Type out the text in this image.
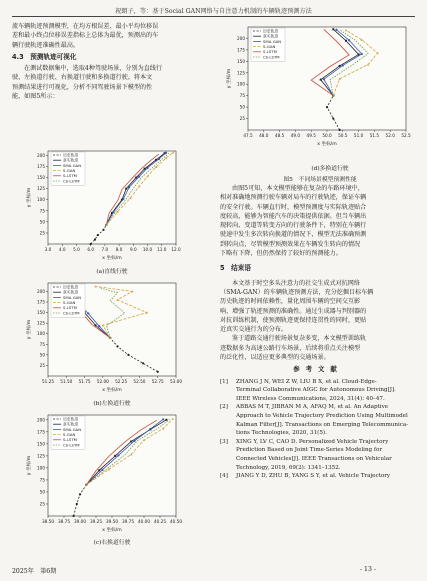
祝朗子，等：基于Social GAN网络与自注意力机制的车辆轨迹预测方法
流车辆轨迹预测模型，在均方根误差、最小平均位移误
差和最小终点位移误差指标上总体为最优，预测出的车
辆行驶轨迹准确性最高。
4.3　预测轨迹可视化
在测试数据集中，选取4种驾驶场景，分别为直线行
驶、左换道行驶、右换道行驶和多换道行驶。将本文
预测结果进行可视化，分析不同驾驶场景下模型的性
能，如图5所示：
3.0 4.0 5.0 6.0 7.0 8.0 9.0 10.0 11.0 12.0
25
50
75
100
125
150
175
200
x 坐标/m
y 坐标/m
历史轨迹
真实轨迹
SMA-GAN
S-GAN
S-LSTM
CS-LSTM
(a)直线行驶
51.25 51.50 51.75 52.00 52.25 52.50 52.75 53.00
25
50
75
100
125
150
175
200
x 坐标/m
y 坐标/m
历史轨迹
真实轨迹
SMA-GAN
S-GAN
S-LSTM
CS-LSTM
(b)左换道行驶
38.50 38.75 39.00 39.25 39.50 39.75 40.00 40.25 40.50
25
50
75
100
125
150
175
200
x 坐标/m
y 坐标/m
历史轨迹
真实轨迹
SMA-GAN
S-GAN
S-LSTM
CS-LSTM
(c)右换道行驶
47.5 48.0 48.5 49.0 49.5 50.0 50.5 51.0 51.5 52.0 52.5
25
50
75
100
125
150
175
200
x 坐标/m
y 坐标/m
历史轨迹
真实轨迹
SMA-GAN
S-GAN
S-LSTM
CS-LSTM
(d)多换道行驶
图5　不同场景模型预测性能
由图5可知，本文模型能够在复杂的车路环境中，
相对准确地预测行驶车辆对局车的行驶轨迹，保证车辆
的安全行驶。车辆直行时，模型预测度与实际轨迹贴合
度较高，能够为智能汽车的决策提供依据。但当车辆出
现转向、变道等转变方向的行驶条件下，特别在车辆行
驶速中发生多次转向换道的情况下，模型无法准确预测
到转向点，尽管模型预测效果在车辆发生转向的情况
下略有下降，但仍然保持了较好的预测能力。
5　结束语
本文基于时空多头注意力的社交生成式对抗网络
（SMA-GAN）的车辆轨迹预测方法，充分挖掘目标车辆
历史轨迹的时间依赖性，量化周围车辆的空间交互影
响，增强了轨迹预测的准确性。通过生成器与判别器的
对抗训练机制，使预测轨迹更保持连贯性的同时，更贴
近真实交通行为的分布。
鉴于道路交通行驶场景复杂多变，本文模型训练轨
迹数据多为高速公路行车场景，后续将重点关注模型
的泛化性，以适应更多典型的交通场景。
参考文献
[1]	ZHANG J N, WEI Z W, LIU B X, et al. Cloud-Edge-
Terminal Collaborative AIGC for Autonomous Driving[J].
IEEE Wireless Communications, 2024, 31(4): 40–47.
[2]	ABBAS M T, JIBRAN M A, AFAQ M, et al. An Adaptive
Approach to Vehicle Trajectory Prediction Using Multimodel
Kalman Filter[J]. Transactions on Emerging Telecommunica-
tions Technologies, 2020, 31(5).
[3]	XING Y, LV C, CAO D. Personalized Vehicle Trajectory
Prediction Based on Joint Time-Series Modeling for
Connected Vehicles[J]. IEEE Transactions on Vehicular
Technology, 2019, 69(2): 1341–1352.
[4]	JIANG Y D, ZHU B, YANG S Y, et al. Vehicle Trajectory
2025年　第6期	- 13 -
